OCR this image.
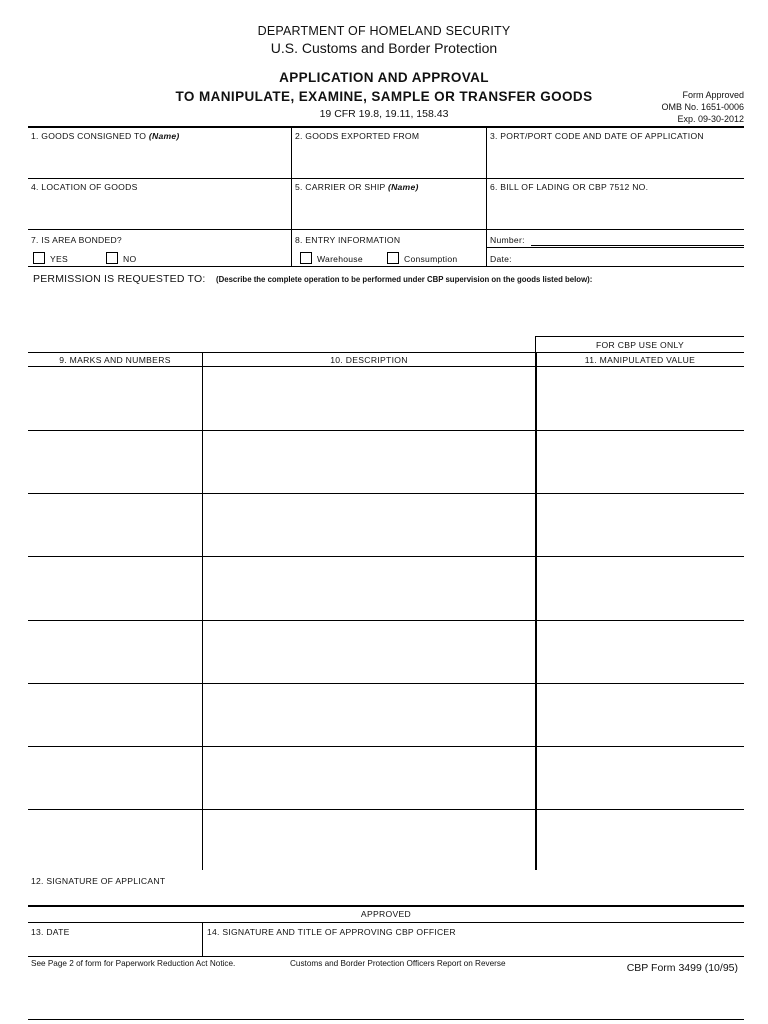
DEPARTMENT OF HOMELAND SECURITY
U.S. Customs and Border Protection
APPLICATION AND APPROVAL
TO MANIPULATE, EXAMINE, SAMPLE OR TRANSFER GOODS
19 CFR 19.8, 19.11, 158.43
Form Approved
OMB No. 1651-0006
Exp. 09-30-2012
1. GOODS CONSIGNED TO (Name)	2. GOODS EXPORTED FROM	3. PORT/PORT CODE AND DATE OF APPLICATION
4. LOCATION OF GOODS	5. CARRIER OR SHIP (Name)	6. BILL OF LADING OR CBP 7512 NO.
7. IS AREA BONDED?
YES	NO
8. ENTRY INFORMATION
Warehouse	Consumption
Number:
Date:
PERMISSION IS REQUESTED TO: (Describe the complete operation to be performed under CBP supervision on the goods listed below):
FOR CBP USE ONLY
9. MARKS AND NUMBERS	10. DESCRIPTION	11. MANIPULATED VALUE
12. SIGNATURE OF APPLICANT
APPROVED
13. DATE	14. SIGNATURE AND TITLE OF APPROVING CBP OFFICER
See Page 2 of form for Paperwork Reduction Act Notice.	Customs and Border Protection Officers Report on Reverse	CBP Form 3499 (10/95)
